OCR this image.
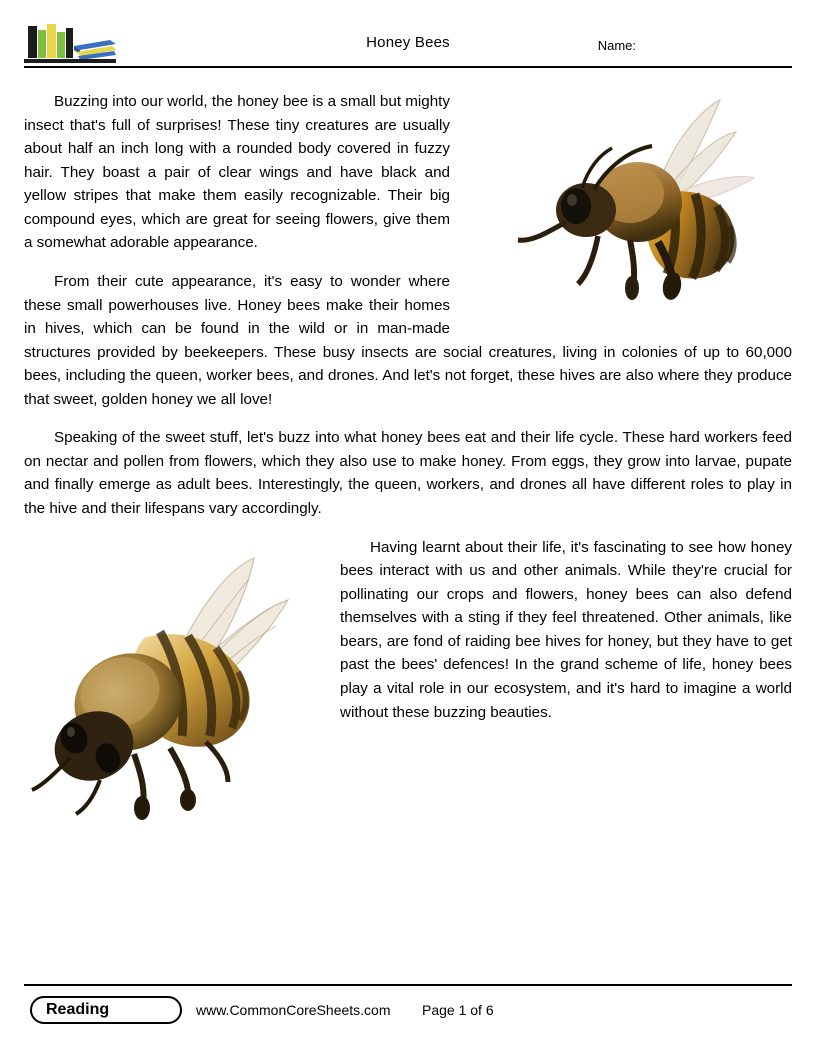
Honey Bees	Name:

Buzzing into our world, the honey bee is a small but mighty insect that's full of surprises! These tiny creatures are usually about half an inch long with a rounded body covered in fuzzy hair. They boast a pair of clear wings and have black and yellow stripes that make them easily recognizable. Their big compound eyes, which are great for seeing flowers, give them a somewhat adorable appearance.

From their cute appearance, it's easy to wonder where these small powerhouses live. Honey bees make their homes in hives, which can be found in the wild or in man-made structures provided by beekeepers. These busy insects are social creatures, living in colonies of up to 60,000 bees, including the queen, worker bees, and drones. And let's not forget, these hives are also where they produce that sweet, golden honey we all love!

Speaking of the sweet stuff, let's buzz into what honey bees eat and their life cycle. These hard workers feed on nectar and pollen from flowers, which they also use to make honey. From eggs, they grow into larvae, pupate and finally emerge as adult bees. Interestingly, the queen, workers, and drones all have different roles to play in the hive and their lifespans vary accordingly.

Having learnt about their life, it's fascinating to see how honey bees interact with us and other animals. While they're crucial for pollinating our crops and flowers, honey bees can also defend themselves with a sting if they feel threatened. Other animals, like bears, are fond of raiding bee hives for honey, but they have to get past the bees' defences! In the grand scheme of life, honey bees play a vital role in our ecosystem, and it's hard to imagine a world without these buzzing beauties.

Reading	www.CommonCoreSheets.com Page 1 of 6
